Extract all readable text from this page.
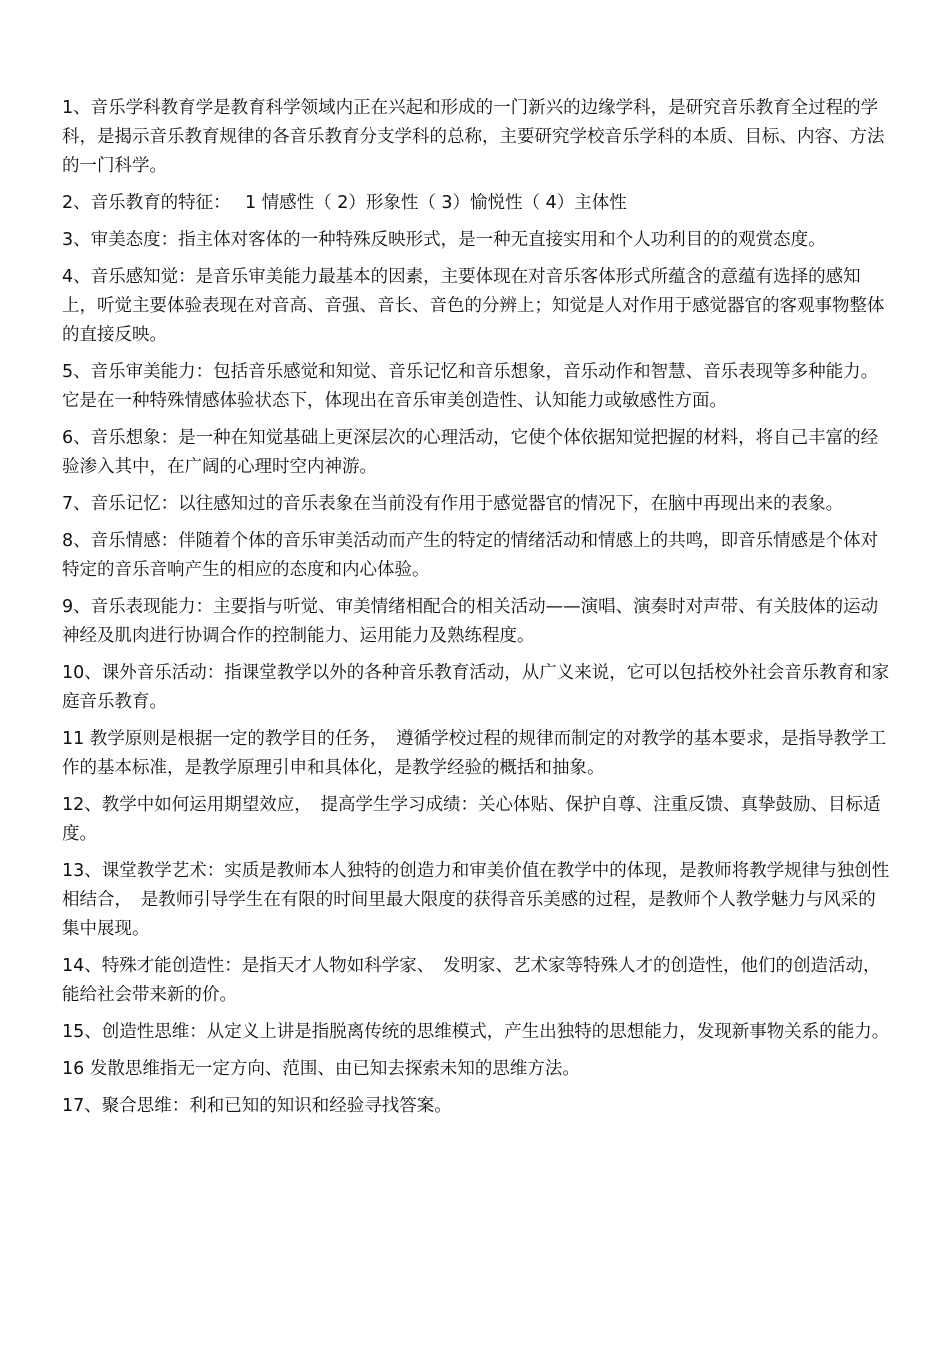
1、音乐学科教育学是教育科学领域内正在兴起和形成的一门新兴的边缘学科，是研究音乐教育全过程的学科，是揭示音乐教育规律的各音乐教育分支学科的总称，主要研究学校音乐学科的本质、目标、内容、方法的一门科学。

2、音乐教育的特征：　 1 情感性（ 2）形象性（ 3）愉悦性（ 4）主体性

3、审美态度：指主体对客体的一种特殊反映形式，是一种无直接实用和个人功利目的的观赏态度。

4、音乐感知觉：是音乐审美能力最基本的因素，主要体现在对音乐客体形式所蕴含的意蕴有选择的感知上，听觉主要体验表现在对音高、音强、音长、音色的分辨上；知觉是人对作用于感觉器官的客观事物整体的直接反映。

5、音乐审美能力：包括音乐感觉和知觉、音乐记忆和音乐想象，音乐动作和智慧、音乐表现等多种能力。它是在一种特殊情感体验状态下，体现出在音乐审美创造性、认知能力或敏感性方面。

6、音乐想象：是一种在知觉基础上更深层次的心理活动，它使个体依据知觉把握的材料，将自己丰富的经验渗入其中，在广阔的心理时空内神游。

7、音乐记忆：以往感知过的音乐表象在当前没有作用于感觉器官的情况下，在脑中再现出来的表象。

8、音乐情感：伴随着个体的音乐审美活动而产生的特定的情绪活动和情感上的共鸣，即音乐情感是个体对特定的音乐音响产生的相应的态度和内心体验。

9、音乐表现能力：主要指与听觉、审美情绪相配合的相关活动——演唱、演奏时对声带、有关肢体的运动神经及肌肉进行协调合作的控制能力、运用能力及熟练程度。

10、课外音乐活动：指课堂教学以外的各种音乐教育活动，从广义来说，它可以包括校外社会音乐教育和家庭音乐教育。

11 教学原则是根据一定的教学目的任务，　遵循学校过程的规律而制定的对教学的基本要求，是指导教学工作的基本标准，是教学原理引申和具体化，是教学经验的概括和抽象。

12、教学中如何运用期望效应，　提高学生学习成绩：关心体贴、保护自尊、注重反馈、真挚鼓励、目标适度。

13、课堂教学艺术：实质是教师本人独特的创造力和审美价值在教学中的体现，是教师将教学规律与独创性相结合，　是教师引导学生在有限的时间里最大限度的获得音乐美感的过程，是教师个人教学魅力与风采的集中展现。

14、特殊才能创造性：是指天才人物如科学家、　发明家、艺术家等特殊人才的创造性，他们的创造活动，能给社会带来新的价。

15、创造性思维：从定义上讲是指脱离传统的思维模式，产生出独特的思想能力，发现新事物关系的能力。

16 发散思维指无一定方向、范围、由已知去探索未知的思维方法。

17、聚合思维：利和已知的知识和经验寻找答案。
